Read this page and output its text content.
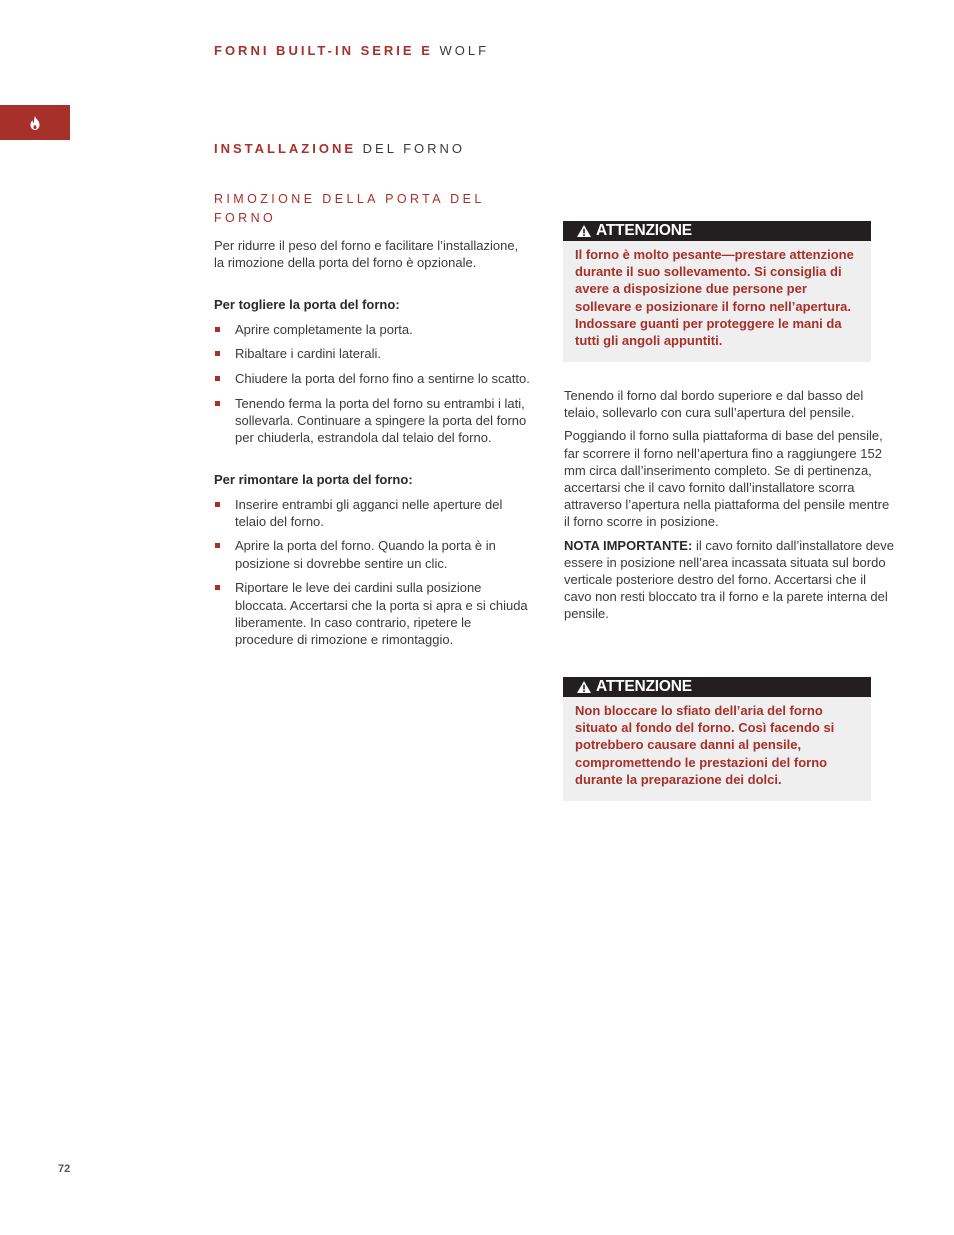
FORNI BUILT-IN SERIE E WOLF
INSTALLAZIONE DEL FORNO
RIMOZIONE DELLA PORTA DEL FORNO

Per ridurre il peso del forno e facilitare l’installazione, la rimozione della porta del forno è opzionale.

Per togliere la porta del forno:

Aprire completamente la porta.
Ribaltare i cardini laterali.
Chiudere la porta del forno fino a sentirne lo scatto.
Tenendo ferma la porta del forno su entrambi i lati, sollevarla. Continuare a spingere la porta del forno per chiuderla, estrandola dal telaio del forno.

Per rimontare la porta del forno:

Inserire entrambi gli agganci nelle aperture del telaio del forno.
Aprire la porta del forno. Quando la porta è in posizione si dovrebbe sentire un clic.
Riportare le leve dei cardini sulla posizione bloccata. Accertarsi che la porta si apra e si chiuda liberamente. In caso contrario, ripetere le procedure di rimozione e rimontaggio.
ATTENZIONE
Il forno è molto pesante—prestare attenzione durante il suo sollevamento. Si consiglia di avere a disposizione due persone per sollevare e posizionare il forno nell’apertura. Indossare guanti per proteggere le mani da tutti gli angoli appuntiti.

Tenendo il forno dal bordo superiore e dal basso del telaio, sollevarlo con cura sull’apertura del pensile.

Poggiando il forno sulla piattaforma di base del pensile, far scorrere il forno nell’apertura fino a raggiungere 152 mm circa dall’inserimento completo. Se di pertinenza, accertarsi che il cavo fornito dall’installatore scorra attraverso l’apertura nella piattaforma del pensile mentre il forno scorre in posizione.

NOTA IMPORTANTE: il cavo fornito dall’installatore deve essere in posizione nell’area incassata situata sul bordo verticale posteriore destro del forno. Accertarsi che il cavo non resti bloccato tra il forno e la parete interna del pensile.

ATTENZIONE
Non bloccare lo sfiato dell’aria del forno situato al fondo del forno. Così facendo si potrebbero causare danni al pensile, compromettendo le prestazioni del forno durante la preparazione dei dolci.
72
